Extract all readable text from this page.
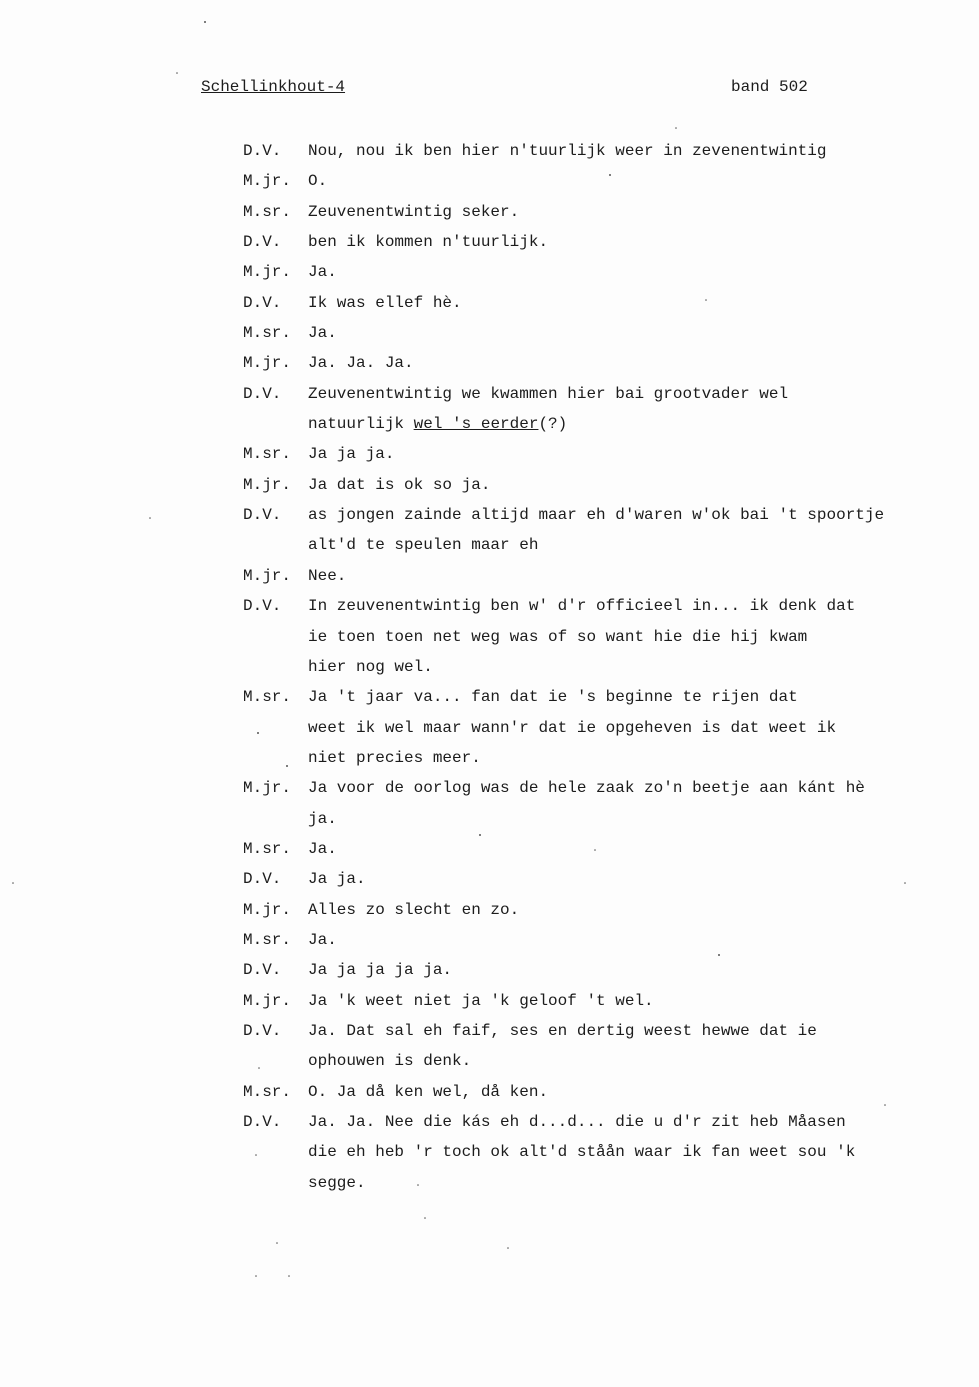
Schellinkhout-4	band 502
D.V.	Nou, nou ik ben hier n'tuurlijk weer in zevenentwintig
M.jr.	O.
M.sr.	Zeuvenentwintig seker.
D.V.	ben ik kommen n'tuurlijk.
M.jr.	Ja.
D.V.	Ik was ellef hè.
M.sr.	Ja.
M.jr.	Ja. Ja. Ja.
D.V.	Zeuvenentwintig we kwammen hier bai grootvader wel
natuurlijk wel 's eerder(?)
M.sr.	Ja ja ja.
M.jr.	Ja dat is ok so ja.
D.V.	as jongen zainde altijd maar eh d'waren w'ok bai 't spoortje
alt'd te speulen maar eh
M.jr.	Nee.
D.V.	In zeuvenentwintig ben w' d'r officieel in... ik denk dat
ie toen toen net weg was of so want hie die hij kwam
hier nog wel.
M.sr.	Ja 't jaar va... fan dat ie 's beginne te rijen dat
weet ik wel maar wann'r dat ie opgeheven is dat weet ik
niet precies meer.
M.jr.	Ja voor de oorlog was de hele zaak zo'n beetje aan kánt hè
ja.
M.sr.	Ja.
D.V.	Ja ja.
M.jr.	Alles zo slecht en zo.
M.sr.	Ja.
D.V.	Ja ja ja ja ja.
M.jr.	Ja 'k weet niet ja 'k geloof 't wel.
D.V.	Ja. Dat sal eh faif, ses en dertig weest hewwe dat ie
ophouwen is denk.
M.sr.	O. Ja då ken wel, då ken.
D.V.	Ja. Ja. Nee die kás eh d...d... die u d'r zit heb Måasen
die eh heb 'r toch ok alt'd ståån waar ik fan weet sou 'k
segge.
